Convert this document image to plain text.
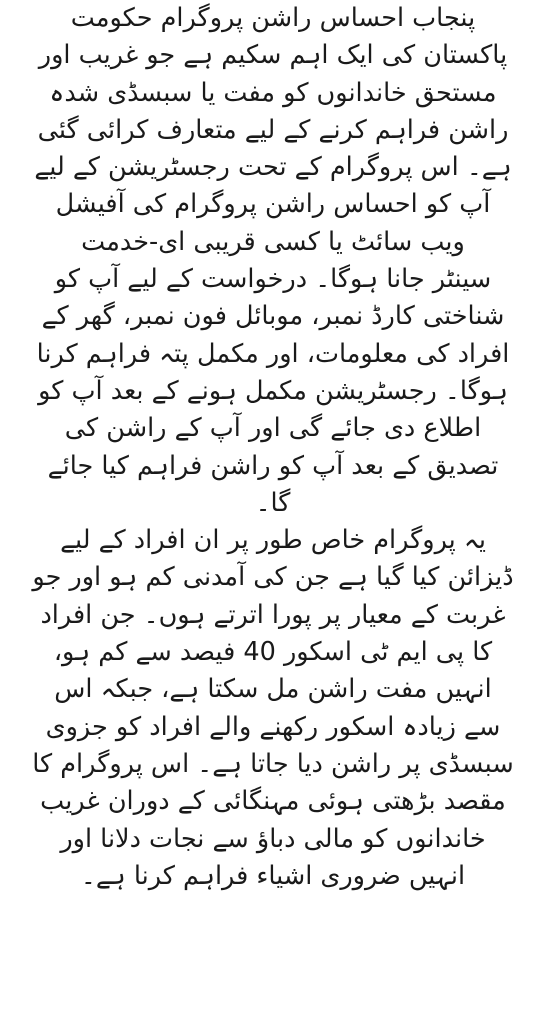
پنجاب احساس راشن پروگرام حکومت
پاکستان کی ایک اہم سکیم ہے جو غریب اور
مستحق خاندانوں کو مفت یا سبسڈی شدہ
راشن فراہم کرنے کے لیے متعارف کرائی گئی
ہے۔ اس پروگرام کے تحت رجسٹریشن کے لیے
آپ کو احساس راشن پروگرام کی آفیشل
ویب سائٹ یا کسی قریبی ای-خدمت
سینٹر جانا ہوگا۔ درخواست کے لیے آپ کو
شناختی کارڈ نمبر، موبائل فون نمبر، گھر کے
افراد کی معلومات، اور مکمل پتہ فراہم کرنا
ہوگا۔ رجسٹریشن مکمل ہونے کے بعد آپ کو
اطلاع دی جائے گی اور آپ کے راشن کی
تصدیق کے بعد آپ کو راشن فراہم کیا جائے
گا۔
یہ پروگرام خاص طور پر ان افراد کے لیے
ڈیزائن کیا گیا ہے جن کی آمدنی کم ہو اور جو
غربت کے معیار پر پورا اترتے ہوں۔ جن افراد
کا پی ایم ٹی اسکور 40 فیصد سے کم ہو،
انہیں مفت راشن مل سکتا ہے، جبکہ اس
سے زیادہ اسکور رکھنے والے افراد کو جزوی
سبسڈی پر راشن دیا جاتا ہے۔ اس پروگرام کا
مقصد بڑھتی ہوئی مہنگائی کے دوران غریب
خاندانوں کو مالی دباؤ سے نجات دلانا اور
انہیں ضروری اشیاء فراہم کرنا ہے۔
